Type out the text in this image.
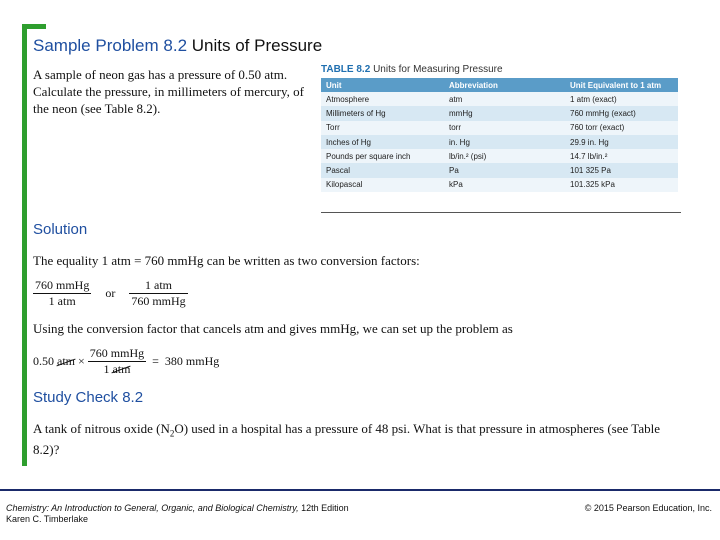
Sample Problem 8.2 Units of Pressure
A sample of neon gas has a pressure of 0.50 atm. Calculate the pressure, in millimeters of mercury, of the neon (see Table 8.2).
TABLE 8.2 Units for Measuring Pressure
Unit	Abbreviation	Unit Equivalent to 1 atm
Atmosphere	atm	1 atm (exact)
Millimeters of Hg	mmHg	760 mmHg (exact)
Torr	torr	760 torr (exact)
Inches of Hg	in. Hg	29.9 in. Hg
Pounds per square inch	lb/in.² (psi)	14.7 lb/in.²
Pascal	Pa	101 325 Pa
Kilopascal	kPa	101.325 kPa
Solution
The equality 1 atm = 760 mmHg can be written as two conversion factors:
$\frac{\text{760 mmHg}}{\text{1 atm}}$ or $\frac{\text{1 atm}}{\text{760 mmHg}}$
Using the conversion factor that cancels atm and gives mmHg, we can set up the problem as
0.50
atm × $\frac{\text{760 mmHg}}{\text{1 atm}} = 380$ mmHg
Study Check 8.2
A tank of nitrous oxide $(N_2O)$ used in a hospital has a pressure of 48 psi. What is that pressure in atmospheres (see Table 8.2)?
Chemistry: An Introduction to General, Organic, and Biological Chemistry, 12th Edition
Karen C. Timberlake
© 2015 Pearson Education, Inc.
